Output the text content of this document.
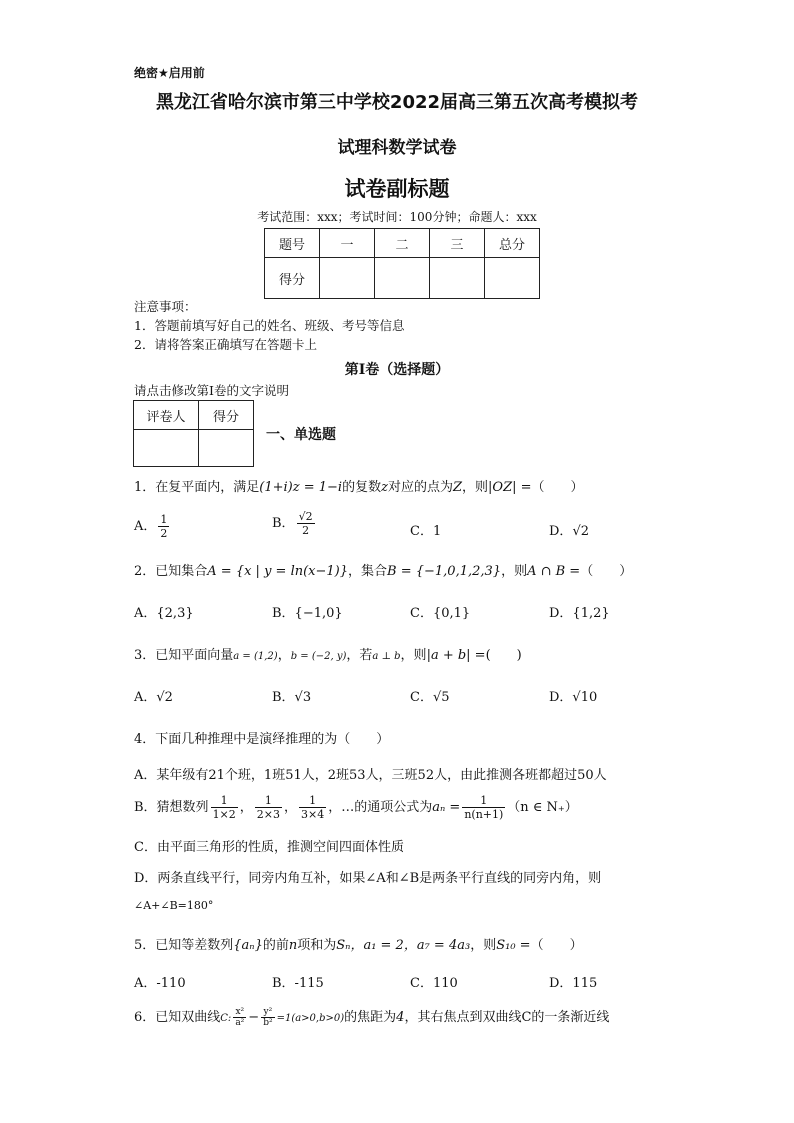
绝密★启用前
黑龙江省哈尔滨市第三中学校2022届高三第五次高考模拟考
试理科数学试卷
试卷副标题
考试范围：xxx；考试时间：100分钟；命题人：xxx
题号	一	二	三	总分
得分				
注意事项：
1．答题前填写好自己的姓名、班级、考号等信息
2．请将答案正确填写在答题卡上
第I卷（选择题）
请点击修改第I卷的文字说明
评卷人	得分

一、单选题
1．在复平面内，满足(1+i)z = 1−i的复数z对应的点为Z，则|OZ| =（　　）
A． $\frac{1}{2}$	B． $\frac{√2}{2}$	C．1	D．√2
2．已知集合A = {x | y = ln(x−1)}，集合B = {−1,0,1,2,3}，则A ∩ B =（　　）
A．{2,3}	B．{−1,0}	C．{0,1}	D．{1,2}
3．已知平面向量a = (1,2)，b = (−2, y)，若a ⊥ b，则|a + b| =(　　)
A．√2	B．√3	C．√5	D．√10
4．下面几种推理中是演绎推理的为（　　）
A．某年级有21个班，1班51人，2班53人，三班52人，由此推测各班都超过50人
B．猜想数列 $\frac{1}{1\times 2}$ ， $\frac{1}{2\times 3}$ ， $\frac{1}{3\times 4}$ ，…的通项公式为$a_n = \frac{1}{n(n+1)} (n$ ∈ N₊）
C．由平面三角形的性质，推测空间四面体性质
D．两条直线平行，同旁内角互补，如果∠A和∠B是两条平行直线的同旁内角，则
∠A+∠B=180°
5．已知等差数列{aₙ}的前n项和为Sₙ，a₁ = 2，a₇ = 4a₃，则S₁₀ =（　　）
A．-110	B．-115	C．110	D．115
6．已知双曲线C: $\frac{\text{x²}}{\text{a²}} - \frac{\text{y²}}{\text{b²}} =1(a>0,b>0)$的焦距为4，其右焦点到双曲线C的一条渐近线
